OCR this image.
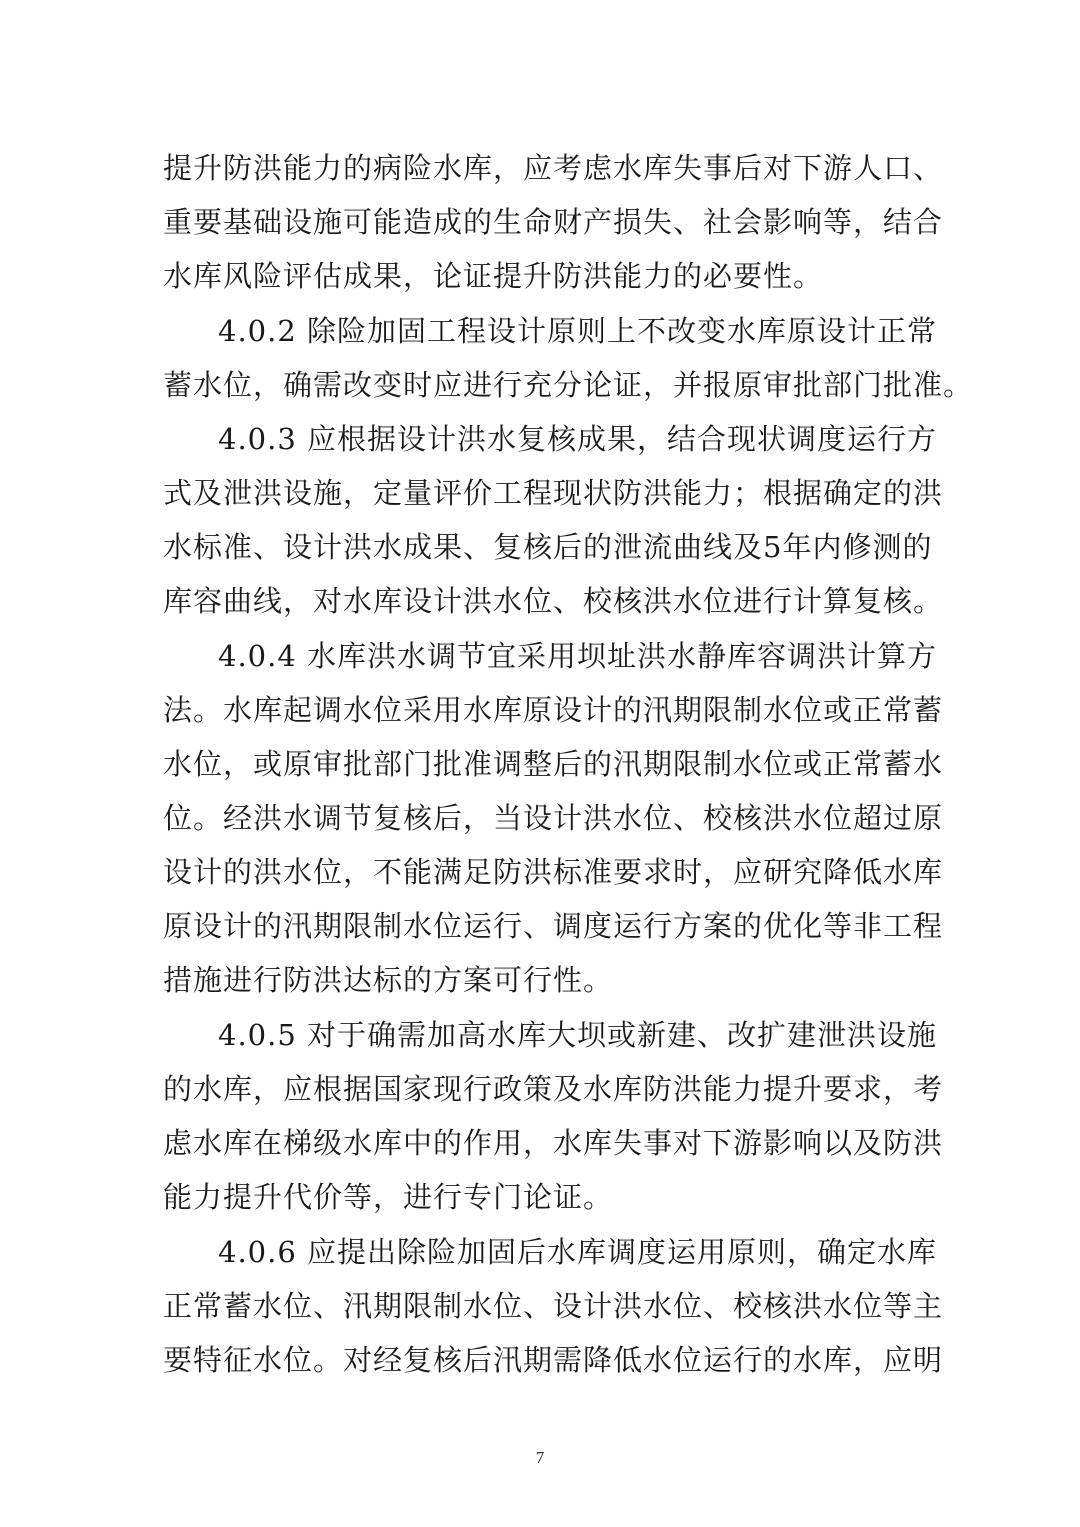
提升防洪能力的病险水库，应考虑水库失事后对下游人口、
重要基础设施可能造成的生命财产损失、社会影响等，结合
水库风险评估成果，论证提升防洪能力的必要性。
4.0.2 除险加固工程设计原则上不改变水库原设计正常
蓄水位，确需改变时应进行充分论证，并报原审批部门批准。
4.0.3 应根据设计洪水复核成果，结合现状调度运行方
式及泄洪设施，定量评价工程现状防洪能力；根据确定的洪
水标准、设计洪水成果、复核后的泄流曲线及5年内修测的
库容曲线，对水库设计洪水位、校核洪水位进行计算复核。
4.0.4 水库洪水调节宜采用坝址洪水静库容调洪计算方
法。水库起调水位采用水库原设计的汛期限制水位或正常蓄
水位，或原审批部门批准调整后的汛期限制水位或正常蓄水
位。经洪水调节复核后，当设计洪水位、校核洪水位超过原
设计的洪水位，不能满足防洪标准要求时，应研究降低水库
原设计的汛期限制水位运行、调度运行方案的优化等非工程
措施进行防洪达标的方案可行性。
4.0.5 对于确需加高水库大坝或新建、改扩建泄洪设施
的水库，应根据国家现行政策及水库防洪能力提升要求，考
虑水库在梯级水库中的作用，水库失事对下游影响以及防洪
能力提升代价等，进行专门论证。
4.0.6 应提出除险加固后水库调度运用原则，确定水库
正常蓄水位、汛期限制水位、设计洪水位、校核洪水位等主
要特征水位。对经复核后汛期需降低水位运行的水库，应明
7
